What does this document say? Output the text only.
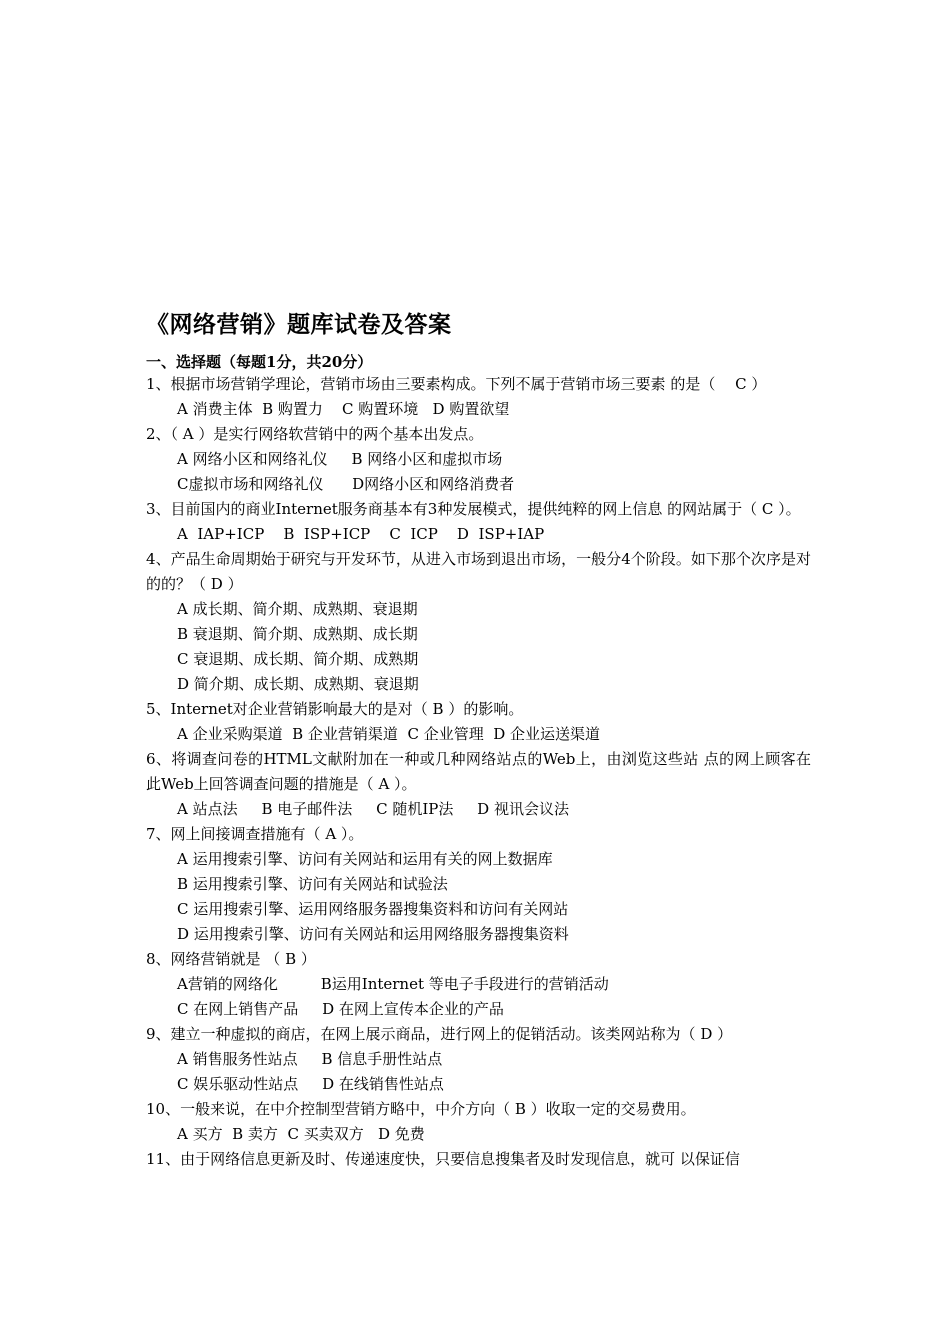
《网络营销》题库试卷及答案
一、选择题（每题1分，共20分）

1、根据市场营销学理论，营销市场由三要素构成。下列不属于营销市场三要素 的是（　 C ）

A 消费主体  B 购置力    C 购置环境   D 购置欲望

2、（ A ）是实行网络软营销中的两个基本出发点。

A 网络小区和网络礼仪     B 网络小区和虚拟市场

C虚拟市场和网络礼仪      D网络小区和网络消费者

3、目前国内的商业Internet服务商基本有3种发展模式，提供纯粹的网上信息 的网站属于（ C ）。

A  IAP+ICP    B  ISP+ICP    C  ICP    D  ISP+IAP

4、产品生命周期始于研究与开发环节，从进入市场到退出市场，一般分4个阶段。如下那个次序是对的的？（ D ）

A 成长期、简介期、成熟期、衰退期

B 衰退期、简介期、成熟期、成长期

C 衰退期、成长期、简介期、成熟期

D 简介期、成长期、成熟期、衰退期

5、Internet对企业营销影响最大的是对（ B ）的影响。

A 企业采购渠道  B 企业营销渠道  C 企业管理  D 企业运送渠道

6、将调查问卷的HTML文献附加在一种或几种网络站点的Web上，由浏览这些站 点的网上顾客在此Web上回答调查问题的措施是（ A ）。

A 站点法     B 电子邮件法     C 随机IP法     D 视讯会议法

7、网上间接调查措施有（ A ）。

A 运用搜索引擎、访问有关网站和运用有关的网上数据库

B 运用搜索引擎、访问有关网站和试验法

C 运用搜索引擎、运用网络服务器搜集资料和访问有关网站

D 运用搜索引擎、访问有关网站和运用网络服务器搜集资料

8、网络营销就是 （ B ）

A营销的网络化         B运用Internet 等电子手段进行的营销活动

C 在网上销售产品     D 在网上宣传本企业的产品

9、建立一种虚拟的商店，在网上展示商品，进行网上的促销活动。该类网站称为（ D ）

A 销售服务性站点     B 信息手册性站点

C 娱乐驱动性站点     D 在线销售性站点

10、一般来说，在中介控制型营销方略中，中介方向（ B ）收取一定的交易费用。

A 买方  B 卖方  C 买卖双方   D 免费

11、由于网络信息更新及时、传递速度快，只要信息搜集者及时发现信息，就可 以保证信
